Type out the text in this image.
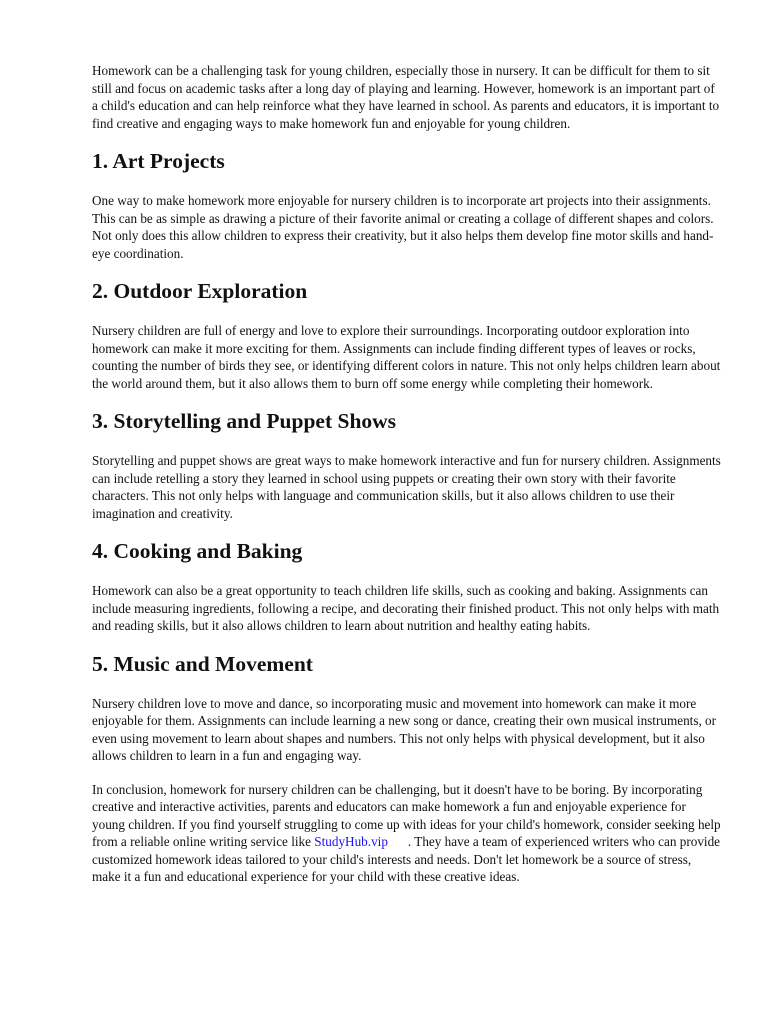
Homework can be a challenging task for young children, especially those in nursery. It can be difficult for them to sit still and focus on academic tasks after a long day of playing and learning. However, homework is an important part of a child's education and can help reinforce what they have learned in school. As parents and educators, it is important to find creative and engaging ways to make homework fun and enjoyable for young children.

1. Art Projects

One way to make homework more enjoyable for nursery children is to incorporate art projects into their assignments. This can be as simple as drawing a picture of their favorite animal or creating a collage of different shapes and colors. Not only does this allow children to express their creativity, but it also helps them develop fine motor skills and hand-eye coordination.

2. Outdoor Exploration

Nursery children are full of energy and love to explore their surroundings. Incorporating outdoor exploration into homework can make it more exciting for them. Assignments can include finding different types of leaves or rocks, counting the number of birds they see, or identifying different colors in nature. This not only helps children learn about the world around them, but it also allows them to burn off some energy while completing their homework.

3. Storytelling and Puppet Shows

Storytelling and puppet shows are great ways to make homework interactive and fun for nursery children. Assignments can include retelling a story they learned in school using puppets or creating their own story with their favorite characters. This not only helps with language and communication skills, but it also allows children to use their imagination and creativity.

4. Cooking and Baking

Homework can also be a great opportunity to teach children life skills, such as cooking and baking. Assignments can include measuring ingredients, following a recipe, and decorating their finished product. This not only helps with math and reading skills, but it also allows children to learn about nutrition and healthy eating habits.

5. Music and Movement

Nursery children love to move and dance, so incorporating music and movement into homework can make it more enjoyable for them. Assignments can include learning a new song or dance, creating their own musical instruments, or even using movement to learn about shapes and numbers. This not only helps with physical development, but it also allows children to learn in a fun and engaging way.

In conclusion, homework for nursery children can be challenging, but it doesn't have to be boring. By incorporating creative and interactive activities, parents and educators can make homework a fun and enjoyable experience for young children. If you find yourself struggling to come up with ideas for your child's homework, consider seeking help from a reliable online writing service like StudyHub.vip . They have a team of experienced writers who can provide customized homework ideas tailored to your child's interests and needs. Don't let homework be a source of stress, make it a fun and educational experience for your child with these creative ideas.
